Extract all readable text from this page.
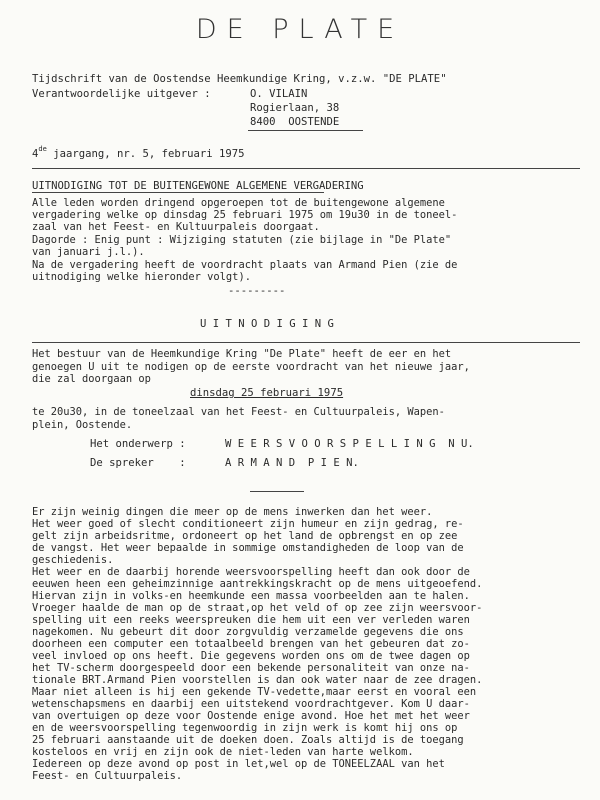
DE PLATE
Tijdschrift van de Oostendse Heemkundige Kring, v.z.w. "DE PLATE"
Verantwoordelijke uitgever :	O. VILAIN
Rogierlaan, 38
8400  OOSTENDE
4de jaargang, nr. 5, februari 1975
UITNODIGING TOT DE BUITENGEWONE ALGEMENE VERGADERING
Alle leden worden dringend opgeroepen tot de buitengewone algemene
vergadering welke op dinsdag 25 februari 1975 om 19u30 in de toneel-
zaal van het Feest- en Kultuurpaleis doorgaat.
Dagorde : Enig punt : Wijziging statuten (zie bijlage in "De Plate"
van januari j.l.).
Na de vergadering heeft de voordracht plaats van Armand Pien (zie de
uitnodiging welke hieronder volgt).
---------
U I T N O D I G I N G
Het bestuur van de Heemkundige Kring "De Plate" heeft de eer en het
genoegen U uit te nodigen op de eerste voordracht van het nieuwe jaar,
die zal doorgaan op
dinsdag 25 februari 1975
te 20u30, in de toneelzaal van het Feest- en Cultuurpaleis, Wapen-
plein, Oostende.
Het onderwerp :	W E E R S V O O R S P E L L I N G  N U.
De spreker    :	A R M A N D  P I E N.
Er zijn weinig dingen die meer op de mens inwerken dan het weer.
Het weer goed of slecht conditioneert zijn humeur en zijn gedrag, re-
gelt zijn arbeidsritme, ordoneert op het land de opbrengst en op zee
de vangst. Het weer bepaalde in sommige omstandigheden de loop van de
geschiedenis.
Het weer en de daarbij horende weersvoorspelling heeft dan ook door de
eeuwen heen een geheimzinnige aantrekkingskracht op de mens uitgeoefend.
Hiervan zijn in volks-en heemkunde een massa voorbeelden aan te halen.
Vroeger haalde de man op de straat,op het veld of op zee zijn weersvoor-
spelling uit een reeks weerspreuken die hem uit een ver verleden waren
nagekomen. Nu gebeurt dit door zorgvuldig verzamelde gegevens die ons
doorheen een computer een totaalbeeld brengen van het gebeuren dat zo-
veel invloed op ons heeft. Die gegevens worden ons om de twee dagen op
het TV-scherm doorgespeeld door een bekende personaliteit van onze na-
tionale BRT.Armand Pien voorstellen is dan ook water naar de zee dragen.
Maar niet alleen is hij een gekende TV-vedette,maar eerst en vooral een
wetenschapsmens en daarbij een uitstekend voordrachtgever. Kom U daar-
van overtuigen op deze voor Oostende enige avond. Hoe het met het weer
en de weersvoorspelling tegenwoordig in zijn werk is komt hij ons op
25 februari aanstaande uit de doeken doen. Zoals altijd is de toegang
kosteloos en vrij en zijn ook de niet-leden van harte welkom.
Iedereen op deze avond op post in let,wel op de TONEELZAAL van het
Feest- en Cultuurpaleis.
